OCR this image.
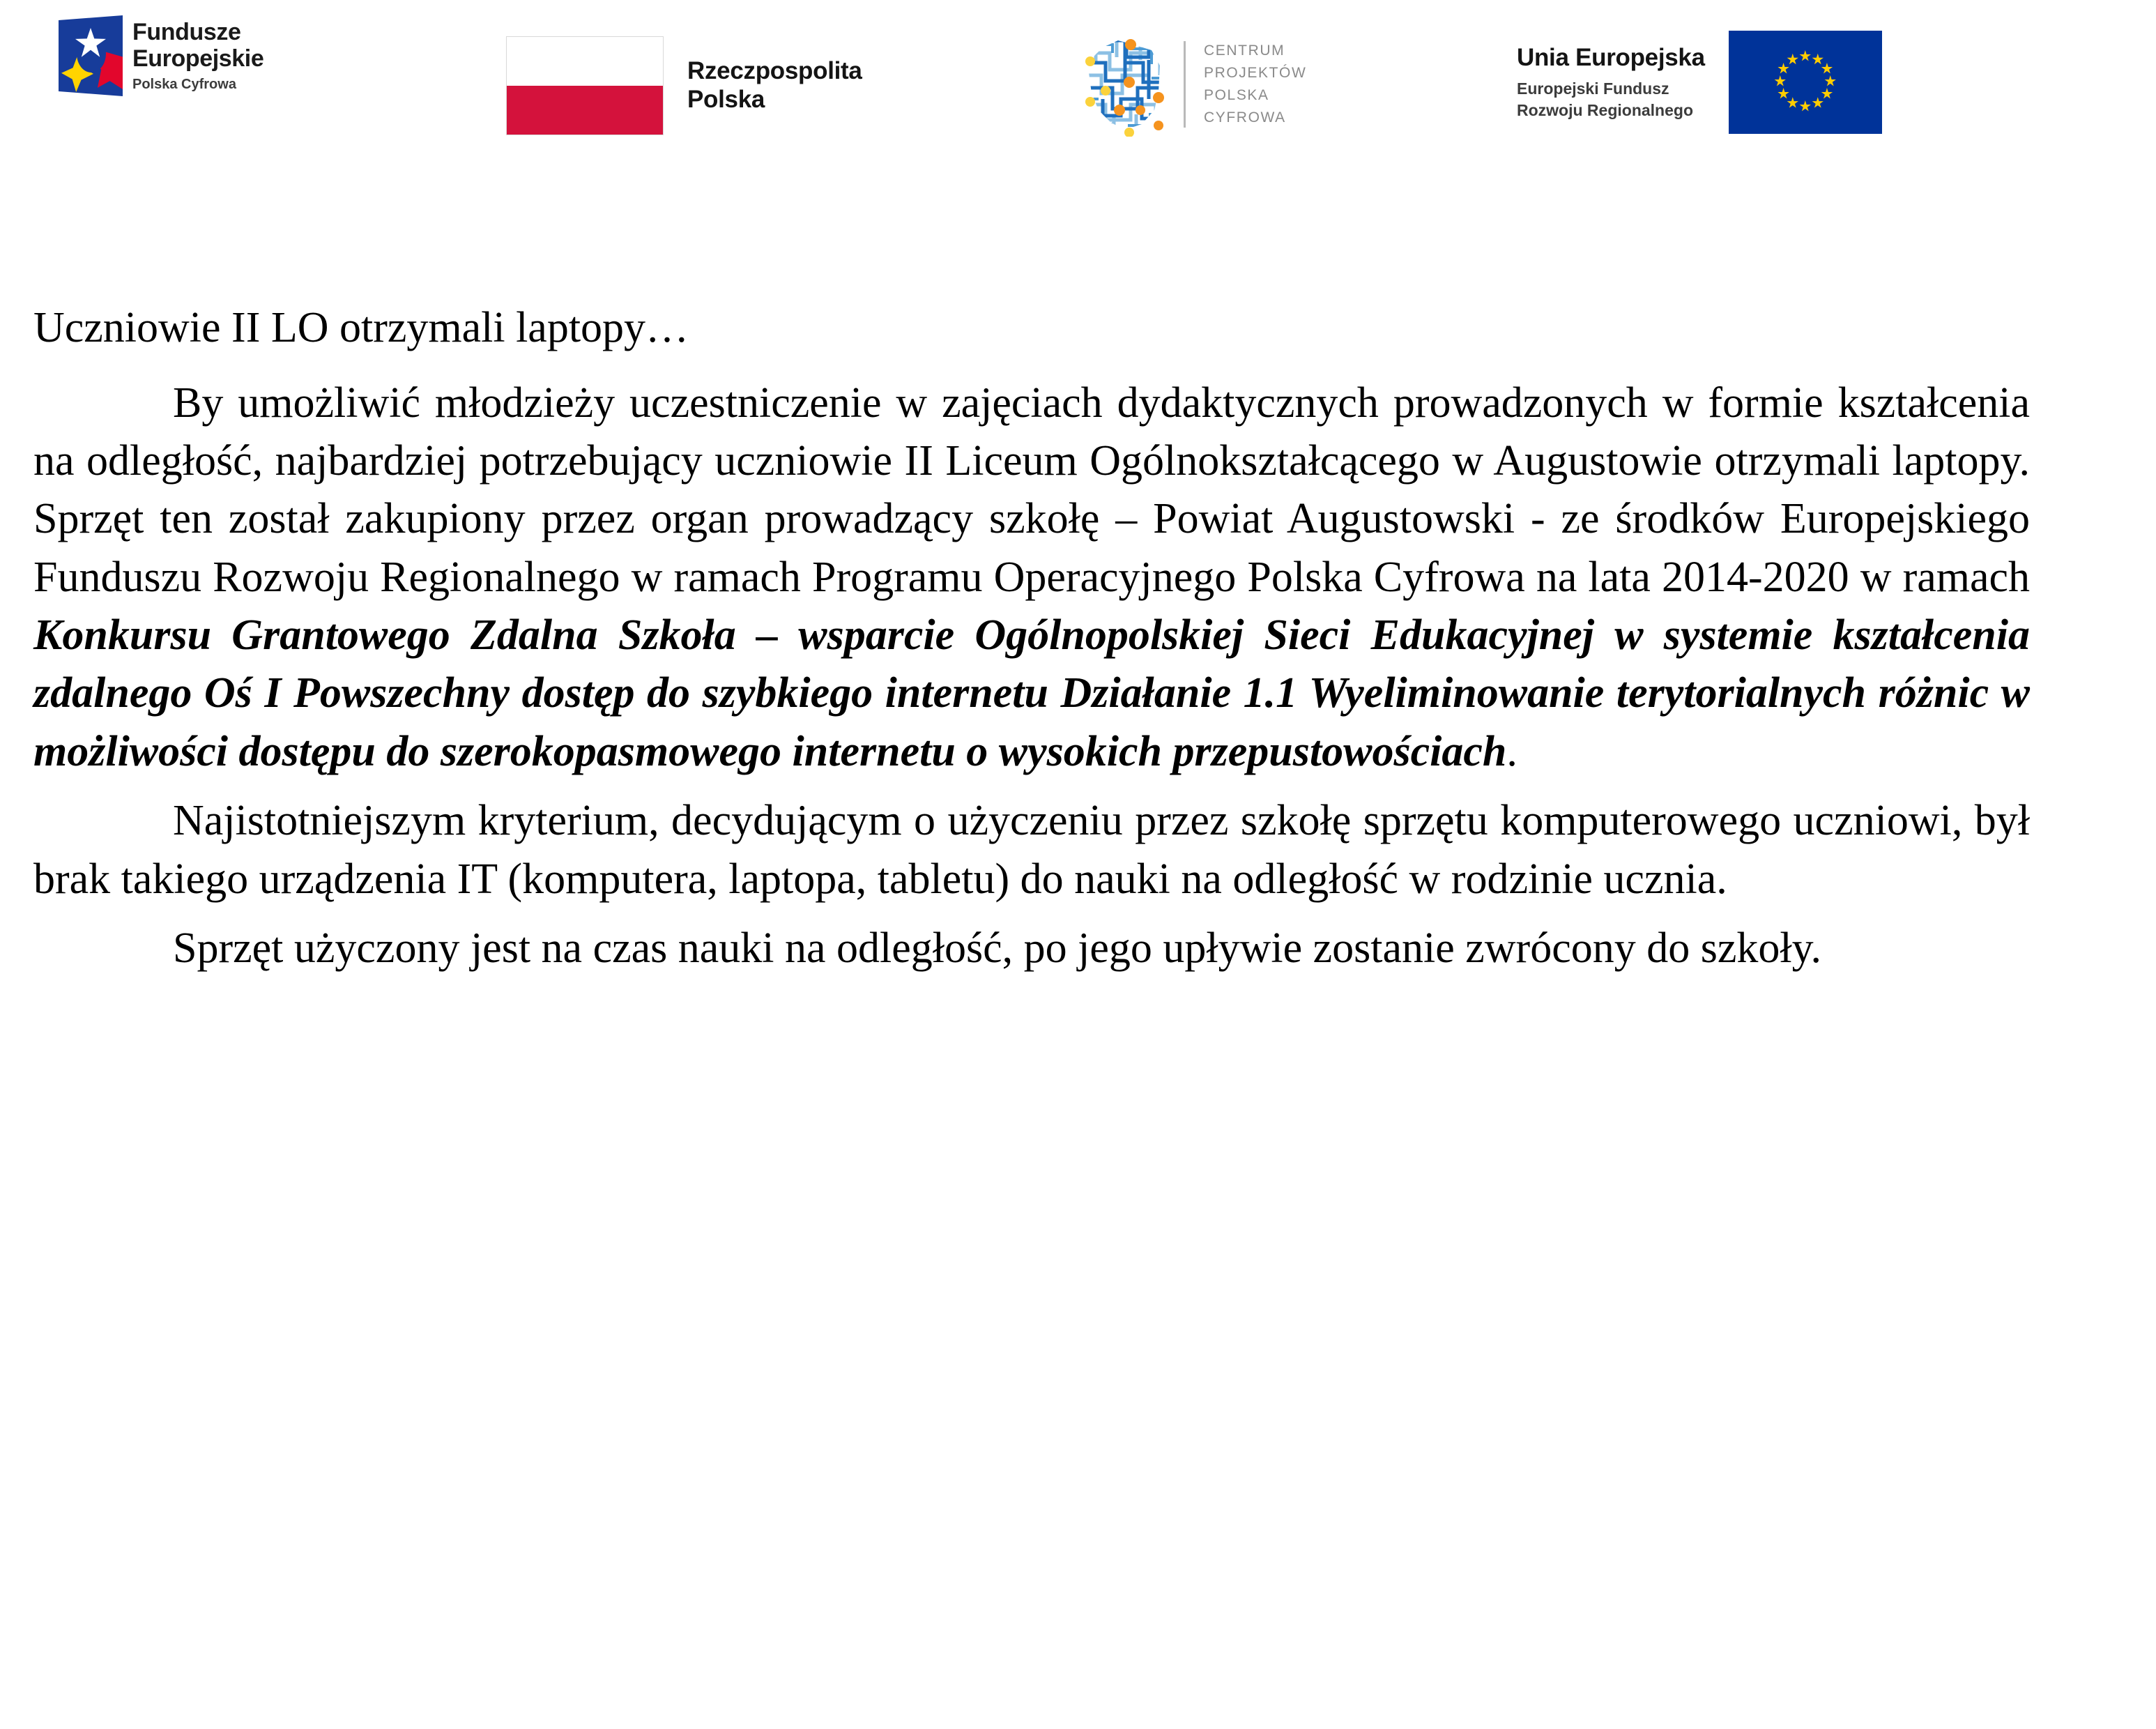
Fundusze
Europejskie
Polska Cyfrowa	Rzeczpospolita
Polska
CENTRUM
PROJEKTÓW
POLSKA
CYFROWA
Unia Europejska
Europejski Fundusz
Rozwoju Regionalnego
Uczniowie II LO otrzymali laptopy…

By umożliwić młodzieży uczestniczenie w zajęciach dydaktycznych prowadzonych w formie kształcenia na odległość, najbardziej potrzebujący uczniowie II Liceum Ogólnokształcącego w Augustowie otrzymali laptopy. Sprzęt ten został zakupiony przez organ prowadzący szkołę – Powiat Augustowski - ze środków Europejskiego Funduszu Rozwoju Regionalnego w ramach Programu Operacyjnego Polska Cyfrowa na lata 2014-2020 w ramach Konkursu Grantowego Zdalna Szkoła – wsparcie Ogólnopolskiej Sieci Edukacyjnej w systemie kształcenia zdalnego Oś I Powszechny dostęp do szybkiego internetu Działanie 1.1 Wyeliminowanie terytorialnych różnic w możliwości dostępu do szerokopasmowego internetu o wysokich przepustowościach.

Najistotniejszym kryterium, decydującym o użyczeniu przez szkołę sprzętu komputerowego uczniowi, był brak takiego urządzenia IT (komputera, laptopa, tabletu) do nauki na odległość w rodzinie ucznia.

Sprzęt użyczony jest na czas nauki na odległość, po jego upływie zostanie zwrócony do szkoły.
